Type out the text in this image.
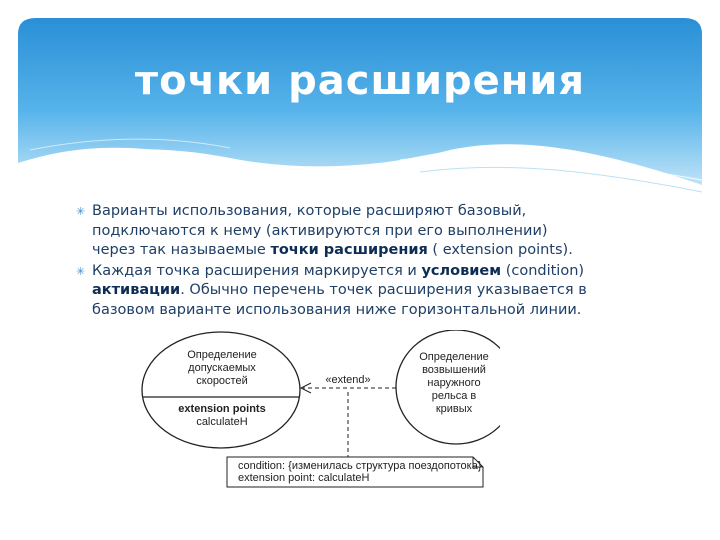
точки расширения
✳ Варианты использования, которые расширяют базовый,
подключаются к нему (активируются при его выполнении)
через так называемые точки расширения ( extension points).
✳ Каждая точка расширения маркируется и условием (condition)
активации. Обычно перечень точек расширения указывается в
базовом варианте использования ниже горизонтальной линии.
Определение
допускаемых
скоростей
extension points
calculateH
Определение
возвышений
наружного
рельса в
кривых
«extend»
condition: {изменилась структура поездопотока}
extension point: calculateH
